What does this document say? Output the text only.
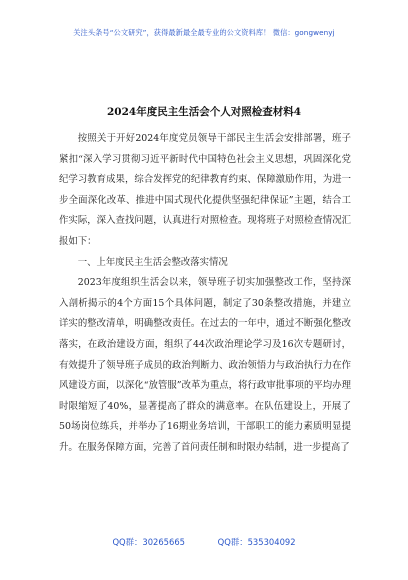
关注头条号“公文研究”，获得最新最全最专业的公文资料库！ 微信：gongwenyj
2024年度民主生活会个人对照检查材料4

按照关于开好2024年度党员领导干部民主生活会安排部署，班子紧扣“深入学习贯彻习近平新时代中国特色社会主义思想，巩固深化党纪学习教育成果，综合发挥党的纪律教育约束、保障激励作用，为进一步全面深化改革、推进中国式现代化提供坚强纪律保证”主题，结合工作实际，深入查找问题，认真进行对照检查。现将班子对照检查情况汇报如下：

一、上年度民主生活会整改落实情况

2023年度组织生活会以来，领导班子切实加强整改工作，坚持深入剖析揭示的4个方面15个具体问题，制定了30条整改措施，并建立详实的整改清单，明确整改责任。在过去的一年中，通过不断强化整改落实，在政治建设方面，组织了44次政治理论学习及16次专题研讨，有效提升了领导班子成员的政治判断力、政治领悟力与政治执行力在作风建设方面，以深化“放管服”改革为重点，将行政审批事项的平均办理时限缩短了40%，显著提高了群众的满意率。在队伍建设上，开展了50场岗位练兵，并举办了16期业务培训，干部职工的能力素质明显提升。在服务保障方面，完善了首问责任制和时限办结制，进一步提高了

QQ群：30265665	QQ群：535304092
